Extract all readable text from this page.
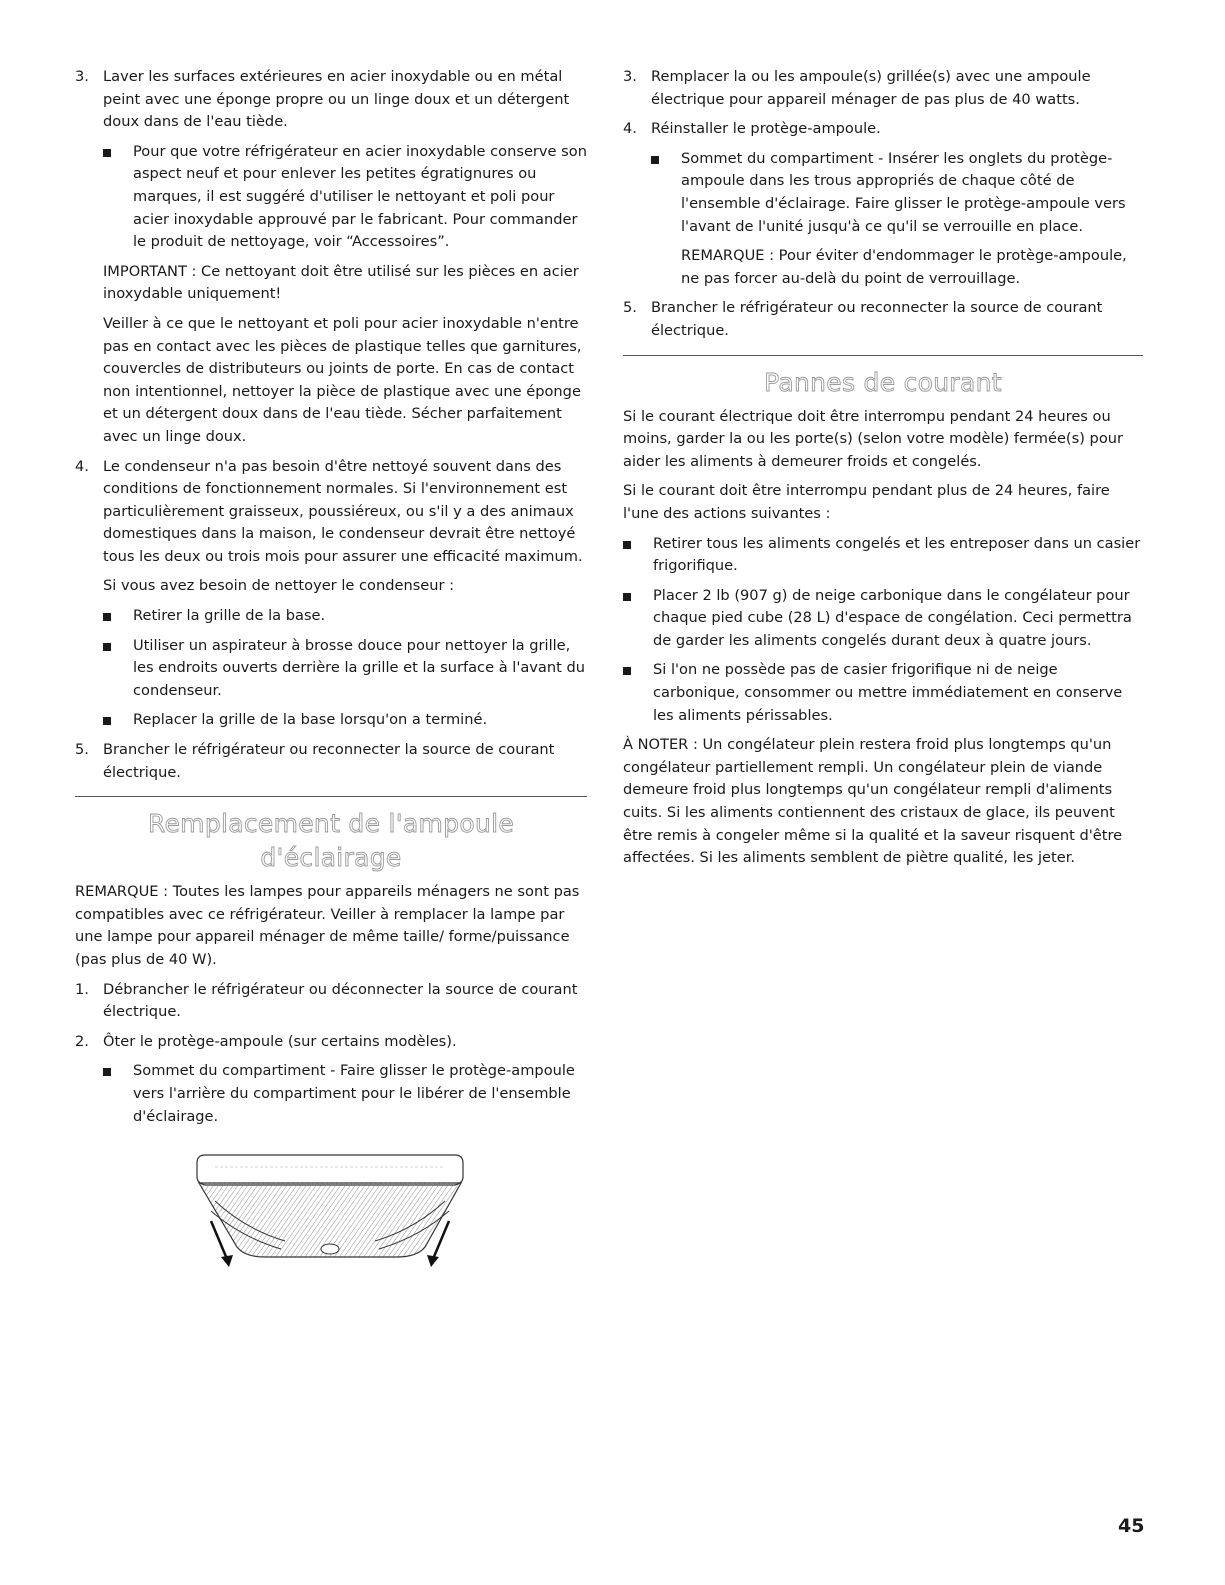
3. Laver les surfaces extérieures en acier inoxydable ou en métal peint avec une éponge propre ou un linge doux et un détergent doux dans de l'eau tiède.
Pour que votre réfrigérateur en acier inoxydable conserve son aspect neuf et pour enlever les petites égratignures ou marques, il est suggéré d'utiliser le nettoyant et poli pour acier inoxydable approuvé par le fabricant. Pour commander le produit de nettoyage, voir “Accessoires”.

IMPORTANT : Ce nettoyant doit être utilisé sur les pièces en acier inoxydable uniquement!

Veiller à ce que le nettoyant et poli pour acier inoxydable n'entre pas en contact avec les pièces de plastique telles que garnitures, couvercles de distributeurs ou joints de porte. En cas de contact non intentionnel, nettoyer la pièce de plastique avec une éponge et un détergent doux dans de l'eau tiède. Sécher parfaitement avec un linge doux.

4. Le condenseur n'a pas besoin d'être nettoyé souvent dans des conditions de fonctionnement normales. Si l'environnement est particulièrement graisseux, poussiéreux, ou s'il y a des animaux domestiques dans la maison, le condenseur devrait être nettoyé tous les deux ou trois mois pour assurer une efficacité maximum.

Si vous avez besoin de nettoyer le condenseur :

Retirer la grille de la base.
Utiliser un aspirateur à brosse douce pour nettoyer la grille, les endroits ouverts derrière la grille et la surface à l'avant du condenseur.
Replacer la grille de la base lorsqu'on a terminé.
5. Brancher le réfrigérateur ou reconnecter la source de courant électrique.
Remplacement de l'ampoule d'éclairage

REMARQUE : Toutes les lampes pour appareils ménagers ne sont pas compatibles avec ce réfrigérateur. Veiller à remplacer la lampe par une lampe pour appareil ménager de même taille/ forme/puissance (pas plus de 40 W).

1. Débrancher le réfrigérateur ou déconnecter la source de courant électrique.
2. Ôter le protège-ampoule (sur certains modèles).
Sommet du compartiment - Faire glisser le protège-ampoule vers l'arrière du compartiment pour le libérer de l'ensemble d'éclairage.
3. Remplacer la ou les ampoule(s) grillée(s) avec une ampoule électrique pour appareil ménager de pas plus de 40 watts.
4. Réinstaller le protège-ampoule.
Sommet du compartiment - Insérer les onglets du protège-ampoule dans les trous appropriés de chaque côté de l'ensemble d'éclairage. Faire glisser le protège-ampoule vers l'avant de l'unité jusqu'à ce qu'il se verrouille en place.

REMARQUE : Pour éviter d'endommager le protège-ampoule, ne pas forcer au-delà du point de verrouillage.

5. Brancher le réfrigérateur ou reconnecter la source de courant électrique.
Pannes de courant

Si le courant électrique doit être interrompu pendant 24 heures ou moins, garder la ou les porte(s) (selon votre modèle) fermée(s) pour aider les aliments à demeurer froids et congelés.

Si le courant doit être interrompu pendant plus de 24 heures, faire l'une des actions suivantes :

Retirer tous les aliments congelés et les entreposer dans un casier frigorifique.
Placer 2 lb (907 g) de neige carbonique dans le congélateur pour chaque pied cube (28 L) d'espace de congélation. Ceci permettra de garder les aliments congelés durant deux à quatre jours.
Si l'on ne possède pas de casier frigorifique ni de neige carbonique, consommer ou mettre immédiatement en conserve les aliments périssables.

À NOTER : Un congélateur plein restera froid plus longtemps qu'un congélateur partiellement rempli. Un congélateur plein de viande demeure froid plus longtemps qu'un congélateur rempli d'aliments cuits. Si les aliments contiennent des cristaux de glace, ils peuvent être remis à congeler même si la qualité et la saveur risquent d'être affectées. Si les aliments semblent de piètre qualité, les jeter.

45
